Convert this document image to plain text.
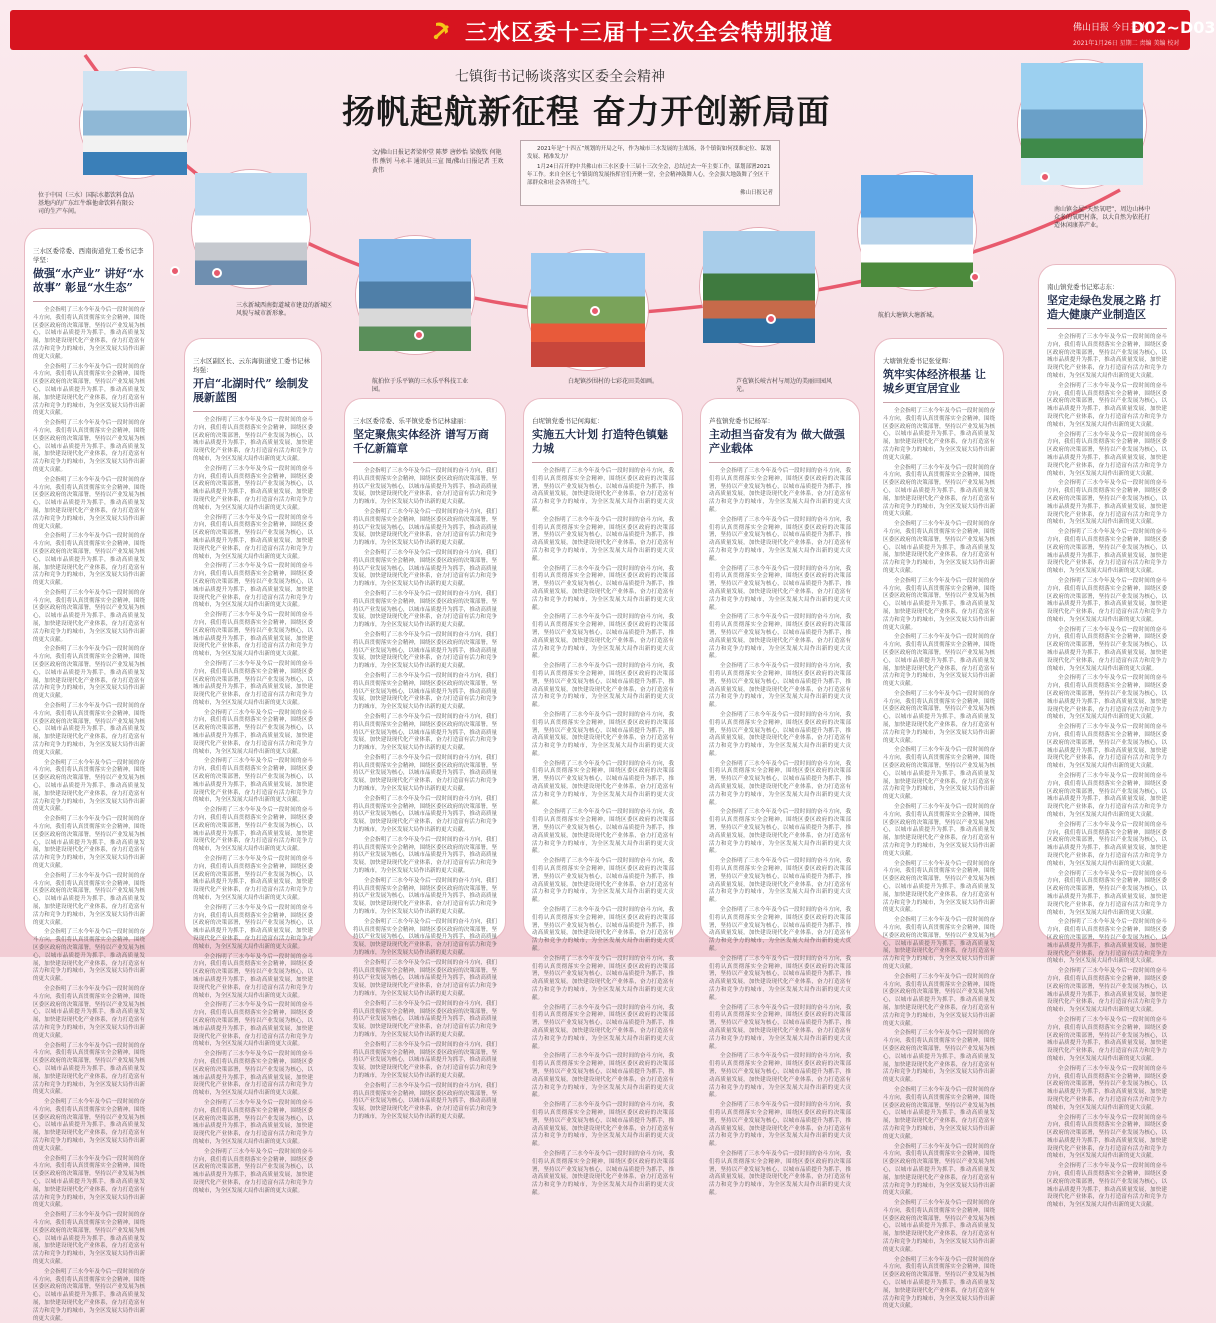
三水区委十三届十三次全会特别报道	佛山日报 今日三水
D02~D03
2021年1月26日 星期二 责编 美编 校对
七镇街书记畅谈落实区委全会精神
扬帆起航新征程 奋力开创新局面
文/佛山日报记者梁仲堂 陈梦 唐妙怡 梁俊钦 何艳伟 熊钊 马永丰 通讯员三宣 图/佛山日报记者 王欢 黄伟

2021年是“十四五”规划的开局之年，作为城市三水发展的主战场，各个镇街如何找准定位、谋划发展、精准发力？

1月24日召开的中共佛山市三水区委十三届十三次全会，总结过去一年主要工作，谋划部署2021年工作。来自全区七个镇街的发展指挥官们齐聚一堂，全会精神鼓舞人心，全会强大地鼓舞了全区干部群众和社会各界的士气。

佛山日报记者

位于中国（三水）国际水都饮料食品基地内的广东红牛维他命饮料有限公司的生产车间。
三水新城西南街道城市建设的新城区风貌与城市新形象。
航拍位于乐平镇的三水乐平科技工业园。
白坭镇沙围村的七彩花田美如画。	芦苞镇长岐古村与周边的美丽田园风光。
航拍大塘镇大塘新城。
南山镇金屋“天然氧吧”，周边山林中众多的氧吧村落，以大自然为依托打造休闲康养产业。
三水区委常委、西南街道党工委书记李学坚：
做强“水产业” 讲好“水故事” 彰显“水生态”

全会指明了三水今年及今后一段时间的奋斗方向，我们将认真贯彻落实全会精神，围绕区委区政府的决策部署，坚持以产业发展为核心，以城市品质提升为抓手，推动高质量发展，加快建设现代化产业体系，奋力打造富有活力和竞争力的城市，为全区发展大局作出新的更大贡献。

全会指明了三水今年及今后一段时间的奋斗方向，我们将认真贯彻落实全会精神，围绕区委区政府的决策部署，坚持以产业发展为核心，以城市品质提升为抓手，推动高质量发展，加快建设现代化产业体系，奋力打造富有活力和竞争力的城市，为全区发展大局作出新的更大贡献。

全会指明了三水今年及今后一段时间的奋斗方向，我们将认真贯彻落实全会精神，围绕区委区政府的决策部署，坚持以产业发展为核心，以城市品质提升为抓手，推动高质量发展，加快建设现代化产业体系，奋力打造富有活力和竞争力的城市，为全区发展大局作出新的更大贡献。

全会指明了三水今年及今后一段时间的奋斗方向，我们将认真贯彻落实全会精神，围绕区委区政府的决策部署，坚持以产业发展为核心，以城市品质提升为抓手，推动高质量发展，加快建设现代化产业体系，奋力打造富有活力和竞争力的城市，为全区发展大局作出新的更大贡献。

全会指明了三水今年及今后一段时间的奋斗方向，我们将认真贯彻落实全会精神，围绕区委区政府的决策部署，坚持以产业发展为核心，以城市品质提升为抓手，推动高质量发展，加快建设现代化产业体系，奋力打造富有活力和竞争力的城市，为全区发展大局作出新的更大贡献。

全会指明了三水今年及今后一段时间的奋斗方向，我们将认真贯彻落实全会精神，围绕区委区政府的决策部署，坚持以产业发展为核心，以城市品质提升为抓手，推动高质量发展，加快建设现代化产业体系，奋力打造富有活力和竞争力的城市，为全区发展大局作出新的更大贡献。

全会指明了三水今年及今后一段时间的奋斗方向，我们将认真贯彻落实全会精神，围绕区委区政府的决策部署，坚持以产业发展为核心，以城市品质提升为抓手，推动高质量发展，加快建设现代化产业体系，奋力打造富有活力和竞争力的城市，为全区发展大局作出新的更大贡献。

全会指明了三水今年及今后一段时间的奋斗方向，我们将认真贯彻落实全会精神，围绕区委区政府的决策部署，坚持以产业发展为核心，以城市品质提升为抓手，推动高质量发展，加快建设现代化产业体系，奋力打造富有活力和竞争力的城市，为全区发展大局作出新的更大贡献。

全会指明了三水今年及今后一段时间的奋斗方向，我们将认真贯彻落实全会精神，围绕区委区政府的决策部署，坚持以产业发展为核心，以城市品质提升为抓手，推动高质量发展，加快建设现代化产业体系，奋力打造富有活力和竞争力的城市，为全区发展大局作出新的更大贡献。

全会指明了三水今年及今后一段时间的奋斗方向，我们将认真贯彻落实全会精神，围绕区委区政府的决策部署，坚持以产业发展为核心，以城市品质提升为抓手，推动高质量发展，加快建设现代化产业体系，奋力打造富有活力和竞争力的城市，为全区发展大局作出新的更大贡献。

全会指明了三水今年及今后一段时间的奋斗方向，我们将认真贯彻落实全会精神，围绕区委区政府的决策部署，坚持以产业发展为核心，以城市品质提升为抓手，推动高质量发展，加快建设现代化产业体系，奋力打造富有活力和竞争力的城市，为全区发展大局作出新的更大贡献。

全会指明了三水今年及今后一段时间的奋斗方向，我们将认真贯彻落实全会精神，围绕区委区政府的决策部署，坚持以产业发展为核心，以城市品质提升为抓手，推动高质量发展，加快建设现代化产业体系，奋力打造富有活力和竞争力的城市，为全区发展大局作出新的更大贡献。

全会指明了三水今年及今后一段时间的奋斗方向，我们将认真贯彻落实全会精神，围绕区委区政府的决策部署，坚持以产业发展为核心，以城市品质提升为抓手，推动高质量发展，加快建设现代化产业体系，奋力打造富有活力和竞争力的城市，为全区发展大局作出新的更大贡献。

全会指明了三水今年及今后一段时间的奋斗方向，我们将认真贯彻落实全会精神，围绕区委区政府的决策部署，坚持以产业发展为核心，以城市品质提升为抓手，推动高质量发展，加快建设现代化产业体系，奋力打造富有活力和竞争力的城市，为全区发展大局作出新的更大贡献。

全会指明了三水今年及今后一段时间的奋斗方向，我们将认真贯彻落实全会精神，围绕区委区政府的决策部署，坚持以产业发展为核心，以城市品质提升为抓手，推动高质量发展，加快建设现代化产业体系，奋力打造富有活力和竞争力的城市，为全区发展大局作出新的更大贡献。

全会指明了三水今年及今后一段时间的奋斗方向，我们将认真贯彻落实全会精神，围绕区委区政府的决策部署，坚持以产业发展为核心，以城市品质提升为抓手，推动高质量发展，加快建设现代化产业体系，奋力打造富有活力和竞争力的城市，为全区发展大局作出新的更大贡献。

全会指明了三水今年及今后一段时间的奋斗方向，我们将认真贯彻落实全会精神，围绕区委区政府的决策部署，坚持以产业发展为核心，以城市品质提升为抓手，推动高质量发展，加快建设现代化产业体系，奋力打造富有活力和竞争力的城市，为全区发展大局作出新的更大贡献。

全会指明了三水今年及今后一段时间的奋斗方向，我们将认真贯彻落实全会精神，围绕区委区政府的决策部署，坚持以产业发展为核心，以城市品质提升为抓手，推动高质量发展，加快建设现代化产业体系，奋力打造富有活力和竞争力的城市，为全区发展大局作出新的更大贡献。

三水区副区长、云东海街道党工委书记林均强：
开启“北湖时代” 绘制发展新蓝图

全会指明了三水今年及今后一段时间的奋斗方向，我们将认真贯彻落实全会精神，围绕区委区政府的决策部署，坚持以产业发展为核心，以城市品质提升为抓手，推动高质量发展，加快建设现代化产业体系，奋力打造富有活力和竞争力的城市，为全区发展大局作出新的更大贡献。

全会指明了三水今年及今后一段时间的奋斗方向，我们将认真贯彻落实全会精神，围绕区委区政府的决策部署，坚持以产业发展为核心，以城市品质提升为抓手，推动高质量发展，加快建设现代化产业体系，奋力打造富有活力和竞争力的城市，为全区发展大局作出新的更大贡献。

全会指明了三水今年及今后一段时间的奋斗方向，我们将认真贯彻落实全会精神，围绕区委区政府的决策部署，坚持以产业发展为核心，以城市品质提升为抓手，推动高质量发展，加快建设现代化产业体系，奋力打造富有活力和竞争力的城市，为全区发展大局作出新的更大贡献。

全会指明了三水今年及今后一段时间的奋斗方向，我们将认真贯彻落实全会精神，围绕区委区政府的决策部署，坚持以产业发展为核心，以城市品质提升为抓手，推动高质量发展，加快建设现代化产业体系，奋力打造富有活力和竞争力的城市，为全区发展大局作出新的更大贡献。

全会指明了三水今年及今后一段时间的奋斗方向，我们将认真贯彻落实全会精神，围绕区委区政府的决策部署，坚持以产业发展为核心，以城市品质提升为抓手，推动高质量发展，加快建设现代化产业体系，奋力打造富有活力和竞争力的城市，为全区发展大局作出新的更大贡献。

全会指明了三水今年及今后一段时间的奋斗方向，我们将认真贯彻落实全会精神，围绕区委区政府的决策部署，坚持以产业发展为核心，以城市品质提升为抓手，推动高质量发展，加快建设现代化产业体系，奋力打造富有活力和竞争力的城市，为全区发展大局作出新的更大贡献。

全会指明了三水今年及今后一段时间的奋斗方向，我们将认真贯彻落实全会精神，围绕区委区政府的决策部署，坚持以产业发展为核心，以城市品质提升为抓手，推动高质量发展，加快建设现代化产业体系，奋力打造富有活力和竞争力的城市，为全区发展大局作出新的更大贡献。

全会指明了三水今年及今后一段时间的奋斗方向，我们将认真贯彻落实全会精神，围绕区委区政府的决策部署，坚持以产业发展为核心，以城市品质提升为抓手，推动高质量发展，加快建设现代化产业体系，奋力打造富有活力和竞争力的城市，为全区发展大局作出新的更大贡献。

全会指明了三水今年及今后一段时间的奋斗方向，我们将认真贯彻落实全会精神，围绕区委区政府的决策部署，坚持以产业发展为核心，以城市品质提升为抓手，推动高质量发展，加快建设现代化产业体系，奋力打造富有活力和竞争力的城市，为全区发展大局作出新的更大贡献。

全会指明了三水今年及今后一段时间的奋斗方向，我们将认真贯彻落实全会精神，围绕区委区政府的决策部署，坚持以产业发展为核心，以城市品质提升为抓手，推动高质量发展，加快建设现代化产业体系，奋力打造富有活力和竞争力的城市，为全区发展大局作出新的更大贡献。

全会指明了三水今年及今后一段时间的奋斗方向，我们将认真贯彻落实全会精神，围绕区委区政府的决策部署，坚持以产业发展为核心，以城市品质提升为抓手，推动高质量发展，加快建设现代化产业体系，奋力打造富有活力和竞争力的城市，为全区发展大局作出新的更大贡献。

全会指明了三水今年及今后一段时间的奋斗方向，我们将认真贯彻落实全会精神，围绕区委区政府的决策部署，坚持以产业发展为核心，以城市品质提升为抓手，推动高质量发展，加快建设现代化产业体系，奋力打造富有活力和竞争力的城市，为全区发展大局作出新的更大贡献。

全会指明了三水今年及今后一段时间的奋斗方向，我们将认真贯彻落实全会精神，围绕区委区政府的决策部署，坚持以产业发展为核心，以城市品质提升为抓手，推动高质量发展，加快建设现代化产业体系，奋力打造富有活力和竞争力的城市，为全区发展大局作出新的更大贡献。

全会指明了三水今年及今后一段时间的奋斗方向，我们将认真贯彻落实全会精神，围绕区委区政府的决策部署，坚持以产业发展为核心，以城市品质提升为抓手，推动高质量发展，加快建设现代化产业体系，奋力打造富有活力和竞争力的城市，为全区发展大局作出新的更大贡献。

全会指明了三水今年及今后一段时间的奋斗方向，我们将认真贯彻落实全会精神，围绕区委区政府的决策部署，坚持以产业发展为核心，以城市品质提升为抓手，推动高质量发展，加快建设现代化产业体系，奋力打造富有活力和竞争力的城市，为全区发展大局作出新的更大贡献。

全会指明了三水今年及今后一段时间的奋斗方向，我们将认真贯彻落实全会精神，围绕区委区政府的决策部署，坚持以产业发展为核心，以城市品质提升为抓手，推动高质量发展，加快建设现代化产业体系，奋力打造富有活力和竞争力的城市，为全区发展大局作出新的更大贡献。

三水区委常委、乐平镇党委书记林建丽：
坚定聚焦实体经济 谱写万商千亿新篇章

全会指明了三水今年及今后一段时间的奋斗方向，我们将认真贯彻落实全会精神，围绕区委区政府的决策部署，坚持以产业发展为核心，以城市品质提升为抓手，推动高质量发展，加快建设现代化产业体系，奋力打造富有活力和竞争力的城市，为全区发展大局作出新的更大贡献。

全会指明了三水今年及今后一段时间的奋斗方向，我们将认真贯彻落实全会精神，围绕区委区政府的决策部署，坚持以产业发展为核心，以城市品质提升为抓手，推动高质量发展，加快建设现代化产业体系，奋力打造富有活力和竞争力的城市，为全区发展大局作出新的更大贡献。

全会指明了三水今年及今后一段时间的奋斗方向，我们将认真贯彻落实全会精神，围绕区委区政府的决策部署，坚持以产业发展为核心，以城市品质提升为抓手，推动高质量发展，加快建设现代化产业体系，奋力打造富有活力和竞争力的城市，为全区发展大局作出新的更大贡献。

全会指明了三水今年及今后一段时间的奋斗方向，我们将认真贯彻落实全会精神，围绕区委区政府的决策部署，坚持以产业发展为核心，以城市品质提升为抓手，推动高质量发展，加快建设现代化产业体系，奋力打造富有活力和竞争力的城市，为全区发展大局作出新的更大贡献。

全会指明了三水今年及今后一段时间的奋斗方向，我们将认真贯彻落实全会精神，围绕区委区政府的决策部署，坚持以产业发展为核心，以城市品质提升为抓手，推动高质量发展，加快建设现代化产业体系，奋力打造富有活力和竞争力的城市，为全区发展大局作出新的更大贡献。

全会指明了三水今年及今后一段时间的奋斗方向，我们将认真贯彻落实全会精神，围绕区委区政府的决策部署，坚持以产业发展为核心，以城市品质提升为抓手，推动高质量发展，加快建设现代化产业体系，奋力打造富有活力和竞争力的城市，为全区发展大局作出新的更大贡献。

全会指明了三水今年及今后一段时间的奋斗方向，我们将认真贯彻落实全会精神，围绕区委区政府的决策部署，坚持以产业发展为核心，以城市品质提升为抓手，推动高质量发展，加快建设现代化产业体系，奋力打造富有活力和竞争力的城市，为全区发展大局作出新的更大贡献。

全会指明了三水今年及今后一段时间的奋斗方向，我们将认真贯彻落实全会精神，围绕区委区政府的决策部署，坚持以产业发展为核心，以城市品质提升为抓手，推动高质量发展，加快建设现代化产业体系，奋力打造富有活力和竞争力的城市，为全区发展大局作出新的更大贡献。

全会指明了三水今年及今后一段时间的奋斗方向，我们将认真贯彻落实全会精神，围绕区委区政府的决策部署，坚持以产业发展为核心，以城市品质提升为抓手，推动高质量发展，加快建设现代化产业体系，奋力打造富有活力和竞争力的城市，为全区发展大局作出新的更大贡献。

全会指明了三水今年及今后一段时间的奋斗方向，我们将认真贯彻落实全会精神，围绕区委区政府的决策部署，坚持以产业发展为核心，以城市品质提升为抓手，推动高质量发展，加快建设现代化产业体系，奋力打造富有活力和竞争力的城市，为全区发展大局作出新的更大贡献。

全会指明了三水今年及今后一段时间的奋斗方向，我们将认真贯彻落实全会精神，围绕区委区政府的决策部署，坚持以产业发展为核心，以城市品质提升为抓手，推动高质量发展，加快建设现代化产业体系，奋力打造富有活力和竞争力的城市，为全区发展大局作出新的更大贡献。

全会指明了三水今年及今后一段时间的奋斗方向，我们将认真贯彻落实全会精神，围绕区委区政府的决策部署，坚持以产业发展为核心，以城市品质提升为抓手，推动高质量发展，加快建设现代化产业体系，奋力打造富有活力和竞争力的城市，为全区发展大局作出新的更大贡献。

全会指明了三水今年及今后一段时间的奋斗方向，我们将认真贯彻落实全会精神，围绕区委区政府的决策部署，坚持以产业发展为核心，以城市品质提升为抓手，推动高质量发展，加快建设现代化产业体系，奋力打造富有活力和竞争力的城市，为全区发展大局作出新的更大贡献。

全会指明了三水今年及今后一段时间的奋斗方向，我们将认真贯彻落实全会精神，围绕区委区政府的决策部署，坚持以产业发展为核心，以城市品质提升为抓手，推动高质量发展，加快建设现代化产业体系，奋力打造富有活力和竞争力的城市，为全区发展大局作出新的更大贡献。

全会指明了三水今年及今后一段时间的奋斗方向，我们将认真贯彻落实全会精神，围绕区委区政府的决策部署，坚持以产业发展为核心，以城市品质提升为抓手，推动高质量发展，加快建设现代化产业体系，奋力打造富有活力和竞争力的城市，为全区发展大局作出新的更大贡献。

全会指明了三水今年及今后一段时间的奋斗方向，我们将认真贯彻落实全会精神，围绕区委区政府的决策部署，坚持以产业发展为核心，以城市品质提升为抓手，推动高质量发展，加快建设现代化产业体系，奋力打造富有活力和竞争力的城市，为全区发展大局作出新的更大贡献。

白坭镇党委书记何海虹：
实施五大计划 打造特色镇魅力城

全会指明了三水今年及今后一段时间的奋斗方向，我们将认真贯彻落实全会精神，围绕区委区政府的决策部署，坚持以产业发展为核心，以城市品质提升为抓手，推动高质量发展，加快建设现代化产业体系，奋力打造富有活力和竞争力的城市，为全区发展大局作出新的更大贡献。

全会指明了三水今年及今后一段时间的奋斗方向，我们将认真贯彻落实全会精神，围绕区委区政府的决策部署，坚持以产业发展为核心，以城市品质提升为抓手，推动高质量发展，加快建设现代化产业体系，奋力打造富有活力和竞争力的城市，为全区发展大局作出新的更大贡献。

全会指明了三水今年及今后一段时间的奋斗方向，我们将认真贯彻落实全会精神，围绕区委区政府的决策部署，坚持以产业发展为核心，以城市品质提升为抓手，推动高质量发展，加快建设现代化产业体系，奋力打造富有活力和竞争力的城市，为全区发展大局作出新的更大贡献。

全会指明了三水今年及今后一段时间的奋斗方向，我们将认真贯彻落实全会精神，围绕区委区政府的决策部署，坚持以产业发展为核心，以城市品质提升为抓手，推动高质量发展，加快建设现代化产业体系，奋力打造富有活力和竞争力的城市，为全区发展大局作出新的更大贡献。

全会指明了三水今年及今后一段时间的奋斗方向，我们将认真贯彻落实全会精神，围绕区委区政府的决策部署，坚持以产业发展为核心，以城市品质提升为抓手，推动高质量发展，加快建设现代化产业体系，奋力打造富有活力和竞争力的城市，为全区发展大局作出新的更大贡献。

全会指明了三水今年及今后一段时间的奋斗方向，我们将认真贯彻落实全会精神，围绕区委区政府的决策部署，坚持以产业发展为核心，以城市品质提升为抓手，推动高质量发展，加快建设现代化产业体系，奋力打造富有活力和竞争力的城市，为全区发展大局作出新的更大贡献。

全会指明了三水今年及今后一段时间的奋斗方向，我们将认真贯彻落实全会精神，围绕区委区政府的决策部署，坚持以产业发展为核心，以城市品质提升为抓手，推动高质量发展，加快建设现代化产业体系，奋力打造富有活力和竞争力的城市，为全区发展大局作出新的更大贡献。

全会指明了三水今年及今后一段时间的奋斗方向，我们将认真贯彻落实全会精神，围绕区委区政府的决策部署，坚持以产业发展为核心，以城市品质提升为抓手，推动高质量发展，加快建设现代化产业体系，奋力打造富有活力和竞争力的城市，为全区发展大局作出新的更大贡献。

全会指明了三水今年及今后一段时间的奋斗方向，我们将认真贯彻落实全会精神，围绕区委区政府的决策部署，坚持以产业发展为核心，以城市品质提升为抓手，推动高质量发展，加快建设现代化产业体系，奋力打造富有活力和竞争力的城市，为全区发展大局作出新的更大贡献。

全会指明了三水今年及今后一段时间的奋斗方向，我们将认真贯彻落实全会精神，围绕区委区政府的决策部署，坚持以产业发展为核心，以城市品质提升为抓手，推动高质量发展，加快建设现代化产业体系，奋力打造富有活力和竞争力的城市，为全区发展大局作出新的更大贡献。

全会指明了三水今年及今后一段时间的奋斗方向，我们将认真贯彻落实全会精神，围绕区委区政府的决策部署，坚持以产业发展为核心，以城市品质提升为抓手，推动高质量发展，加快建设现代化产业体系，奋力打造富有活力和竞争力的城市，为全区发展大局作出新的更大贡献。

全会指明了三水今年及今后一段时间的奋斗方向，我们将认真贯彻落实全会精神，围绕区委区政府的决策部署，坚持以产业发展为核心，以城市品质提升为抓手，推动高质量发展，加快建设现代化产业体系，奋力打造富有活力和竞争力的城市，为全区发展大局作出新的更大贡献。

全会指明了三水今年及今后一段时间的奋斗方向，我们将认真贯彻落实全会精神，围绕区委区政府的决策部署，坚持以产业发展为核心，以城市品质提升为抓手，推动高质量发展，加快建设现代化产业体系，奋力打造富有活力和竞争力的城市，为全区发展大局作出新的更大贡献。

全会指明了三水今年及今后一段时间的奋斗方向，我们将认真贯彻落实全会精神，围绕区委区政府的决策部署，坚持以产业发展为核心，以城市品质提升为抓手，推动高质量发展，加快建设现代化产业体系，奋力打造富有活力和竞争力的城市，为全区发展大局作出新的更大贡献。

全会指明了三水今年及今后一段时间的奋斗方向，我们将认真贯彻落实全会精神，围绕区委区政府的决策部署，坚持以产业发展为核心，以城市品质提升为抓手，推动高质量发展，加快建设现代化产业体系，奋力打造富有活力和竞争力的城市，为全区发展大局作出新的更大贡献。

芦苞镇党委书记杨军：
主动担当奋发有为 做大做强产业载体

全会指明了三水今年及今后一段时间的奋斗方向，我们将认真贯彻落实全会精神，围绕区委区政府的决策部署，坚持以产业发展为核心，以城市品质提升为抓手，推动高质量发展，加快建设现代化产业体系，奋力打造富有活力和竞争力的城市，为全区发展大局作出新的更大贡献。

全会指明了三水今年及今后一段时间的奋斗方向，我们将认真贯彻落实全会精神，围绕区委区政府的决策部署，坚持以产业发展为核心，以城市品质提升为抓手，推动高质量发展，加快建设现代化产业体系，奋力打造富有活力和竞争力的城市，为全区发展大局作出新的更大贡献。

全会指明了三水今年及今后一段时间的奋斗方向，我们将认真贯彻落实全会精神，围绕区委区政府的决策部署，坚持以产业发展为核心，以城市品质提升为抓手，推动高质量发展，加快建设现代化产业体系，奋力打造富有活力和竞争力的城市，为全区发展大局作出新的更大贡献。

全会指明了三水今年及今后一段时间的奋斗方向，我们将认真贯彻落实全会精神，围绕区委区政府的决策部署，坚持以产业发展为核心，以城市品质提升为抓手，推动高质量发展，加快建设现代化产业体系，奋力打造富有活力和竞争力的城市，为全区发展大局作出新的更大贡献。

全会指明了三水今年及今后一段时间的奋斗方向，我们将认真贯彻落实全会精神，围绕区委区政府的决策部署，坚持以产业发展为核心，以城市品质提升为抓手，推动高质量发展，加快建设现代化产业体系，奋力打造富有活力和竞争力的城市，为全区发展大局作出新的更大贡献。

全会指明了三水今年及今后一段时间的奋斗方向，我们将认真贯彻落实全会精神，围绕区委区政府的决策部署，坚持以产业发展为核心，以城市品质提升为抓手，推动高质量发展，加快建设现代化产业体系，奋力打造富有活力和竞争力的城市，为全区发展大局作出新的更大贡献。

全会指明了三水今年及今后一段时间的奋斗方向，我们将认真贯彻落实全会精神，围绕区委区政府的决策部署，坚持以产业发展为核心，以城市品质提升为抓手，推动高质量发展，加快建设现代化产业体系，奋力打造富有活力和竞争力的城市，为全区发展大局作出新的更大贡献。

全会指明了三水今年及今后一段时间的奋斗方向，我们将认真贯彻落实全会精神，围绕区委区政府的决策部署，坚持以产业发展为核心，以城市品质提升为抓手，推动高质量发展，加快建设现代化产业体系，奋力打造富有活力和竞争力的城市，为全区发展大局作出新的更大贡献。

全会指明了三水今年及今后一段时间的奋斗方向，我们将认真贯彻落实全会精神，围绕区委区政府的决策部署，坚持以产业发展为核心，以城市品质提升为抓手，推动高质量发展，加快建设现代化产业体系，奋力打造富有活力和竞争力的城市，为全区发展大局作出新的更大贡献。

全会指明了三水今年及今后一段时间的奋斗方向，我们将认真贯彻落实全会精神，围绕区委区政府的决策部署，坚持以产业发展为核心，以城市品质提升为抓手，推动高质量发展，加快建设现代化产业体系，奋力打造富有活力和竞争力的城市，为全区发展大局作出新的更大贡献。

全会指明了三水今年及今后一段时间的奋斗方向，我们将认真贯彻落实全会精神，围绕区委区政府的决策部署，坚持以产业发展为核心，以城市品质提升为抓手，推动高质量发展，加快建设现代化产业体系，奋力打造富有活力和竞争力的城市，为全区发展大局作出新的更大贡献。

全会指明了三水今年及今后一段时间的奋斗方向，我们将认真贯彻落实全会精神，围绕区委区政府的决策部署，坚持以产业发展为核心，以城市品质提升为抓手，推动高质量发展，加快建设现代化产业体系，奋力打造富有活力和竞争力的城市，为全区发展大局作出新的更大贡献。

全会指明了三水今年及今后一段时间的奋斗方向，我们将认真贯彻落实全会精神，围绕区委区政府的决策部署，坚持以产业发展为核心，以城市品质提升为抓手，推动高质量发展，加快建设现代化产业体系，奋力打造富有活力和竞争力的城市，为全区发展大局作出新的更大贡献。

全会指明了三水今年及今后一段时间的奋斗方向，我们将认真贯彻落实全会精神，围绕区委区政府的决策部署，坚持以产业发展为核心，以城市品质提升为抓手，推动高质量发展，加快建设现代化产业体系，奋力打造富有活力和竞争力的城市，为全区发展大局作出新的更大贡献。

全会指明了三水今年及今后一段时间的奋斗方向，我们将认真贯彻落实全会精神，围绕区委区政府的决策部署，坚持以产业发展为核心，以城市品质提升为抓手，推动高质量发展，加快建设现代化产业体系，奋力打造富有活力和竞争力的城市，为全区发展大局作出新的更大贡献。

大塘镇党委书记张觉辉：
筑牢实体经济根基 让城乡更宜居宜业

全会指明了三水今年及今后一段时间的奋斗方向，我们将认真贯彻落实全会精神，围绕区委区政府的决策部署，坚持以产业发展为核心，以城市品质提升为抓手，推动高质量发展，加快建设现代化产业体系，奋力打造富有活力和竞争力的城市，为全区发展大局作出新的更大贡献。

全会指明了三水今年及今后一段时间的奋斗方向，我们将认真贯彻落实全会精神，围绕区委区政府的决策部署，坚持以产业发展为核心，以城市品质提升为抓手，推动高质量发展，加快建设现代化产业体系，奋力打造富有活力和竞争力的城市，为全区发展大局作出新的更大贡献。

全会指明了三水今年及今后一段时间的奋斗方向，我们将认真贯彻落实全会精神，围绕区委区政府的决策部署，坚持以产业发展为核心，以城市品质提升为抓手，推动高质量发展，加快建设现代化产业体系，奋力打造富有活力和竞争力的城市，为全区发展大局作出新的更大贡献。

全会指明了三水今年及今后一段时间的奋斗方向，我们将认真贯彻落实全会精神，围绕区委区政府的决策部署，坚持以产业发展为核心，以城市品质提升为抓手，推动高质量发展，加快建设现代化产业体系，奋力打造富有活力和竞争力的城市，为全区发展大局作出新的更大贡献。

全会指明了三水今年及今后一段时间的奋斗方向，我们将认真贯彻落实全会精神，围绕区委区政府的决策部署，坚持以产业发展为核心，以城市品质提升为抓手，推动高质量发展，加快建设现代化产业体系，奋力打造富有活力和竞争力的城市，为全区发展大局作出新的更大贡献。

全会指明了三水今年及今后一段时间的奋斗方向，我们将认真贯彻落实全会精神，围绕区委区政府的决策部署，坚持以产业发展为核心，以城市品质提升为抓手，推动高质量发展，加快建设现代化产业体系，奋力打造富有活力和竞争力的城市，为全区发展大局作出新的更大贡献。

全会指明了三水今年及今后一段时间的奋斗方向，我们将认真贯彻落实全会精神，围绕区委区政府的决策部署，坚持以产业发展为核心，以城市品质提升为抓手，推动高质量发展，加快建设现代化产业体系，奋力打造富有活力和竞争力的城市，为全区发展大局作出新的更大贡献。

全会指明了三水今年及今后一段时间的奋斗方向，我们将认真贯彻落实全会精神，围绕区委区政府的决策部署，坚持以产业发展为核心，以城市品质提升为抓手，推动高质量发展，加快建设现代化产业体系，奋力打造富有活力和竞争力的城市，为全区发展大局作出新的更大贡献。

全会指明了三水今年及今后一段时间的奋斗方向，我们将认真贯彻落实全会精神，围绕区委区政府的决策部署，坚持以产业发展为核心，以城市品质提升为抓手，推动高质量发展，加快建设现代化产业体系，奋力打造富有活力和竞争力的城市，为全区发展大局作出新的更大贡献。

全会指明了三水今年及今后一段时间的奋斗方向，我们将认真贯彻落实全会精神，围绕区委区政府的决策部署，坚持以产业发展为核心，以城市品质提升为抓手，推动高质量发展，加快建设现代化产业体系，奋力打造富有活力和竞争力的城市，为全区发展大局作出新的更大贡献。

全会指明了三水今年及今后一段时间的奋斗方向，我们将认真贯彻落实全会精神，围绕区委区政府的决策部署，坚持以产业发展为核心，以城市品质提升为抓手，推动高质量发展，加快建设现代化产业体系，奋力打造富有活力和竞争力的城市，为全区发展大局作出新的更大贡献。

全会指明了三水今年及今后一段时间的奋斗方向，我们将认真贯彻落实全会精神，围绕区委区政府的决策部署，坚持以产业发展为核心，以城市品质提升为抓手，推动高质量发展，加快建设现代化产业体系，奋力打造富有活力和竞争力的城市，为全区发展大局作出新的更大贡献。

全会指明了三水今年及今后一段时间的奋斗方向，我们将认真贯彻落实全会精神，围绕区委区政府的决策部署，坚持以产业发展为核心，以城市品质提升为抓手，推动高质量发展，加快建设现代化产业体系，奋力打造富有活力和竞争力的城市，为全区发展大局作出新的更大贡献。

全会指明了三水今年及今后一段时间的奋斗方向，我们将认真贯彻落实全会精神，围绕区委区政府的决策部署，坚持以产业发展为核心，以城市品质提升为抓手，推动高质量发展，加快建设现代化产业体系，奋力打造富有活力和竞争力的城市，为全区发展大局作出新的更大贡献。

全会指明了三水今年及今后一段时间的奋斗方向，我们将认真贯彻落实全会精神，围绕区委区政府的决策部署，坚持以产业发展为核心，以城市品质提升为抓手，推动高质量发展，加快建设现代化产业体系，奋力打造富有活力和竞争力的城市，为全区发展大局作出新的更大贡献。

全会指明了三水今年及今后一段时间的奋斗方向，我们将认真贯彻落实全会精神，围绕区委区政府的决策部署，坚持以产业发展为核心，以城市品质提升为抓手，推动高质量发展，加快建设现代化产业体系，奋力打造富有活力和竞争力的城市，为全区发展大局作出新的更大贡献。

南山镇党委书记郑志东：
坚定走绿色发展之路 打造大健康产业制造区

全会指明了三水今年及今后一段时间的奋斗方向，我们将认真贯彻落实全会精神，围绕区委区政府的决策部署，坚持以产业发展为核心，以城市品质提升为抓手，推动高质量发展，加快建设现代化产业体系，奋力打造富有活力和竞争力的城市，为全区发展大局作出新的更大贡献。

全会指明了三水今年及今后一段时间的奋斗方向，我们将认真贯彻落实全会精神，围绕区委区政府的决策部署，坚持以产业发展为核心，以城市品质提升为抓手，推动高质量发展，加快建设现代化产业体系，奋力打造富有活力和竞争力的城市，为全区发展大局作出新的更大贡献。

全会指明了三水今年及今后一段时间的奋斗方向，我们将认真贯彻落实全会精神，围绕区委区政府的决策部署，坚持以产业发展为核心，以城市品质提升为抓手，推动高质量发展，加快建设现代化产业体系，奋力打造富有活力和竞争力的城市，为全区发展大局作出新的更大贡献。

全会指明了三水今年及今后一段时间的奋斗方向，我们将认真贯彻落实全会精神，围绕区委区政府的决策部署，坚持以产业发展为核心，以城市品质提升为抓手，推动高质量发展，加快建设现代化产业体系，奋力打造富有活力和竞争力的城市，为全区发展大局作出新的更大贡献。

全会指明了三水今年及今后一段时间的奋斗方向，我们将认真贯彻落实全会精神，围绕区委区政府的决策部署，坚持以产业发展为核心，以城市品质提升为抓手，推动高质量发展，加快建设现代化产业体系，奋力打造富有活力和竞争力的城市，为全区发展大局作出新的更大贡献。

全会指明了三水今年及今后一段时间的奋斗方向，我们将认真贯彻落实全会精神，围绕区委区政府的决策部署，坚持以产业发展为核心，以城市品质提升为抓手，推动高质量发展，加快建设现代化产业体系，奋力打造富有活力和竞争力的城市，为全区发展大局作出新的更大贡献。

全会指明了三水今年及今后一段时间的奋斗方向，我们将认真贯彻落实全会精神，围绕区委区政府的决策部署，坚持以产业发展为核心，以城市品质提升为抓手，推动高质量发展，加快建设现代化产业体系，奋力打造富有活力和竞争力的城市，为全区发展大局作出新的更大贡献。

全会指明了三水今年及今后一段时间的奋斗方向，我们将认真贯彻落实全会精神，围绕区委区政府的决策部署，坚持以产业发展为核心，以城市品质提升为抓手，推动高质量发展，加快建设现代化产业体系，奋力打造富有活力和竞争力的城市，为全区发展大局作出新的更大贡献。

全会指明了三水今年及今后一段时间的奋斗方向，我们将认真贯彻落实全会精神，围绕区委区政府的决策部署，坚持以产业发展为核心，以城市品质提升为抓手，推动高质量发展，加快建设现代化产业体系，奋力打造富有活力和竞争力的城市，为全区发展大局作出新的更大贡献。

全会指明了三水今年及今后一段时间的奋斗方向，我们将认真贯彻落实全会精神，围绕区委区政府的决策部署，坚持以产业发展为核心，以城市品质提升为抓手，推动高质量发展，加快建设现代化产业体系，奋力打造富有活力和竞争力的城市，为全区发展大局作出新的更大贡献。

全会指明了三水今年及今后一段时间的奋斗方向，我们将认真贯彻落实全会精神，围绕区委区政府的决策部署，坚持以产业发展为核心，以城市品质提升为抓手，推动高质量发展，加快建设现代化产业体系，奋力打造富有活力和竞争力的城市，为全区发展大局作出新的更大贡献。

全会指明了三水今年及今后一段时间的奋斗方向，我们将认真贯彻落实全会精神，围绕区委区政府的决策部署，坚持以产业发展为核心，以城市品质提升为抓手，推动高质量发展，加快建设现代化产业体系，奋力打造富有活力和竞争力的城市，为全区发展大局作出新的更大贡献。

全会指明了三水今年及今后一段时间的奋斗方向，我们将认真贯彻落实全会精神，围绕区委区政府的决策部署，坚持以产业发展为核心，以城市品质提升为抓手，推动高质量发展，加快建设现代化产业体系，奋力打造富有活力和竞争力的城市，为全区发展大局作出新的更大贡献。

全会指明了三水今年及今后一段时间的奋斗方向，我们将认真贯彻落实全会精神，围绕区委区政府的决策部署，坚持以产业发展为核心，以城市品质提升为抓手，推动高质量发展，加快建设现代化产业体系，奋力打造富有活力和竞争力的城市，为全区发展大局作出新的更大贡献。

全会指明了三水今年及今后一段时间的奋斗方向，我们将认真贯彻落实全会精神，围绕区委区政府的决策部署，坚持以产业发展为核心，以城市品质提升为抓手，推动高质量发展，加快建设现代化产业体系，奋力打造富有活力和竞争力的城市，为全区发展大局作出新的更大贡献。

全会指明了三水今年及今后一段时间的奋斗方向，我们将认真贯彻落实全会精神，围绕区委区政府的决策部署，坚持以产业发展为核心，以城市品质提升为抓手，推动高质量发展，加快建设现代化产业体系，奋力打造富有活力和竞争力的城市，为全区发展大局作出新的更大贡献。

全会指明了三水今年及今后一段时间的奋斗方向，我们将认真贯彻落实全会精神，围绕区委区政府的决策部署，坚持以产业发展为核心，以城市品质提升为抓手，推动高质量发展，加快建设现代化产业体系，奋力打造富有活力和竞争力的城市，为全区发展大局作出新的更大贡献。

全会指明了三水今年及今后一段时间的奋斗方向，我们将认真贯彻落实全会精神，围绕区委区政府的决策部署，坚持以产业发展为核心，以城市品质提升为抓手，推动高质量发展，加快建设现代化产业体系，奋力打造富有活力和竞争力的城市，为全区发展大局作出新的更大贡献。
